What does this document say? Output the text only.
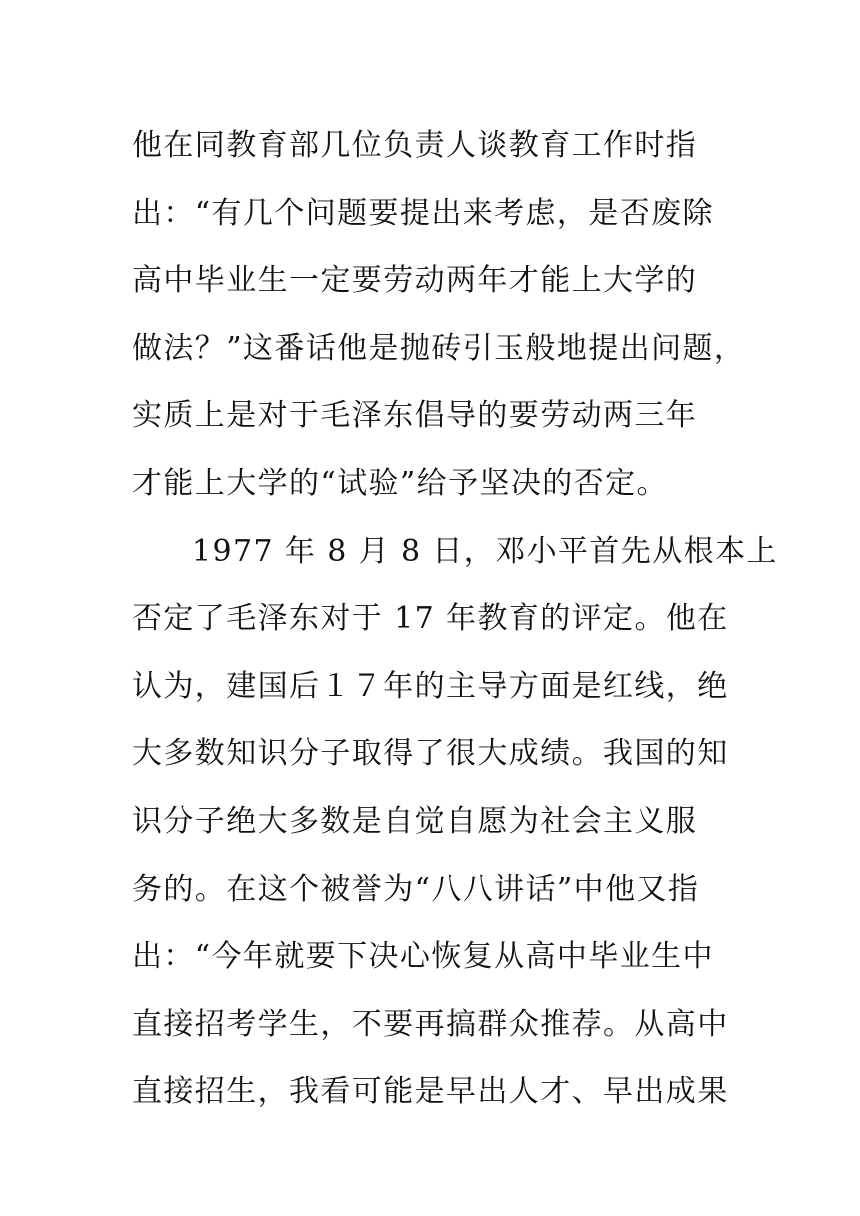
他在同教育部几位负责人谈教育工作时指
出：“有几个问题要提出来考虑，是否废除
高中毕业生一定要劳动两年才能上大学的
做法？”这番话他是抛砖引玉般地提出问题，
实质上是对于毛泽东倡导的要劳动两三年
才能上大学的“试验”给予坚决的否定。
1977 年 8 月 8 日，邓小平首先从根本上
否定了毛泽东对于 17 年教育的评定。他在
认为，建国后１７年的主导方面是红线，绝
大多数知识分子取得了很大成绩。我国的知
识分子绝大多数是自觉自愿为社会主义服
务的。在这个被誉为“八八讲话”中他又指
出：“今年就要下决心恢复从高中毕业生中
直接招考学生，不要再搞群众推荐。从高中
直接招生，我看可能是早出人才、早出成果
